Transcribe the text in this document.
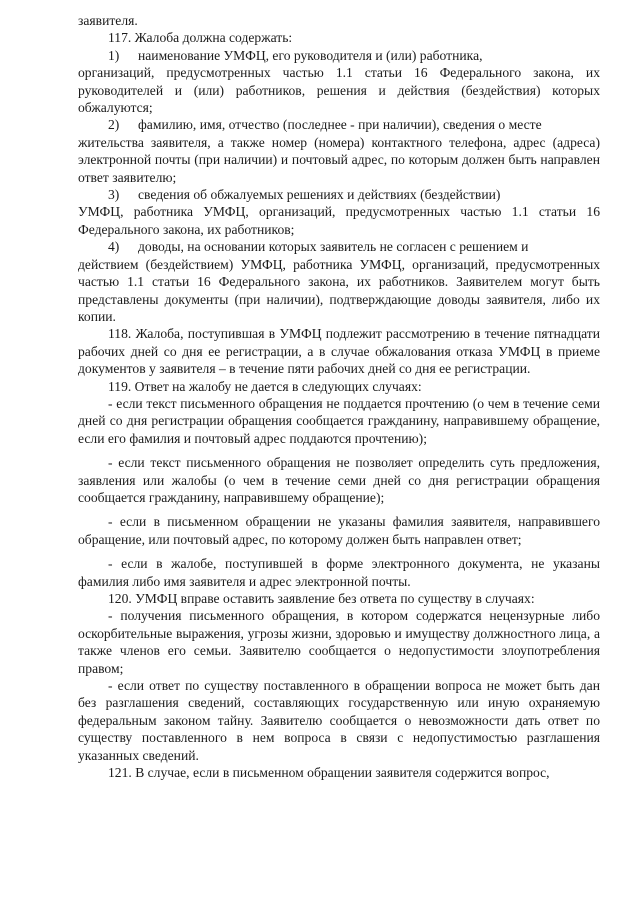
заявителя.

117. Жалоба должна содержать:

1)	наименование УМФЦ, его руководителя и (или) работника,

организаций, предусмотренных частью 1.1 статьи 16 Федерального закона, их руководителей и (или) работников, решения и действия (бездействия) которых обжалуются;

2)	фамилию, имя, отчество (последнее - при наличии), сведения о месте

жительства заявителя, а также номер (номера) контактного телефона, адрес (адреса) электронной почты (при наличии) и почтовый адрес, по которым должен быть направлен ответ заявителю;

3)	сведения об обжалуемых решениях и действиях (бездействии)

УМФЦ, работника УМФЦ, организаций, предусмотренных частью 1.1 статьи 16 Федерального закона, их работников;

4)	доводы, на основании которых заявитель не согласен с решением и

действием (бездействием) УМФЦ, работника УМФЦ, организаций, предусмотренных частью 1.1 статьи 16 Федерального закона, их работников. Заявителем могут быть представлены документы (при наличии), подтверждающие доводы заявителя, либо их копии.

118. Жалоба, поступившая в УМФЦ подлежит рассмотрению в течение пятнадцати рабочих дней со дня ее регистрации, а в случае обжалования отказа УМФЦ в приеме документов у заявителя – в течение пяти рабочих дней со дня ее регистрации.

119. Ответ на жалобу не дается в следующих случаях:

- если текст письменного обращения не поддается прочтению (о чем в течение семи дней со дня регистрации обращения сообщается гражданину, направившему обращение, если его фамилия и почтовый адрес поддаются прочтению);

- если текст письменного обращения не позволяет определить суть предложения, заявления или жалобы (о чем в течение семи дней со дня регистрации обращения сообщается гражданину, направившему обращение);

- если в письменном обращении не указаны фамилия заявителя, направившего обращение, или почтовый адрес, по которому должен быть направлен ответ;

- если в жалобе, поступившей в форме электронного документа, не указаны фамилия либо имя заявителя и адрес электронной почты.

120. УМФЦ вправе оставить заявление без ответа по существу в случаях:

- получения письменного обращения, в котором содержатся нецензурные либо оскорбительные выражения, угрозы жизни, здоровью и имуществу должностного лица, а также членов его семьи. Заявителю сообщается о недопустимости злоупотребления правом;

- если ответ по существу поставленного в обращении вопроса не может быть дан без разглашения сведений, составляющих государственную или иную охраняемую федеральным законом тайну. Заявителю сообщается о невозможности дать ответ по существу поставленного в нем вопроса в связи с недопустимостью разглашения указанных сведений.

121. В случае, если в письменном обращении заявителя содержится вопрос,
